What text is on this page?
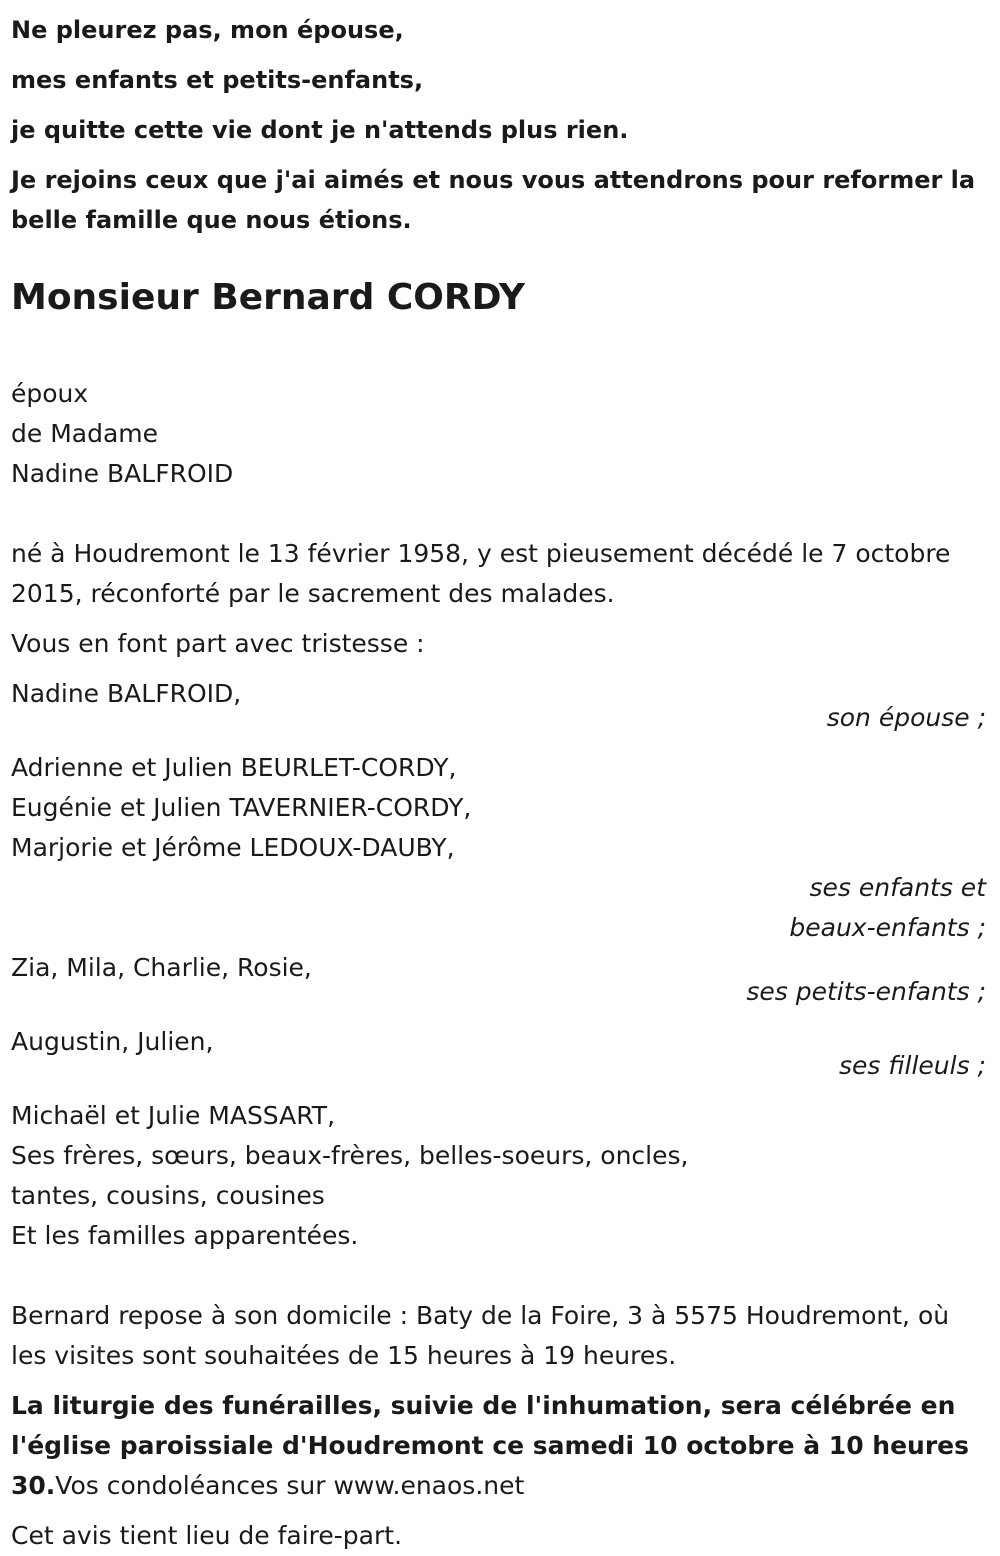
Ne pleurez pas, mon épouse,
mes enfants et petits-enfants,
je quitte cette vie dont je n'attends plus rien.
Je rejoins ceux que j'ai aimés et nous vous attendrons pour reformer la belle famille que nous étions.
Monsieur Bernard CORDY
époux
de Madame
Nadine BALFROID
né à Houdremont le 13 février 1958, y est pieusement décédé le 7 octobre 2015, réconforté par le sacrement des malades.
Vous en font part avec tristesse :
Nadine BALFROID,
son épouse ;
Adrienne et Julien BEURLET-CORDY,
Eugénie et Julien TAVERNIER-CORDY,
Marjorie et Jérôme LEDOUX-DAUBY,
ses enfants et
beaux-enfants ;
Zia, Mila, Charlie, Rosie,
ses petits-enfants ;
Augustin, Julien,
ses filleuls ;
Michaël et Julie MASSART,
Ses frères, sœurs, beaux-frères, belles-soeurs, oncles,
tantes, cousins, cousines
Et les familles apparentées.
Bernard repose à son domicile : Baty de la Foire, 3 à 5575 Houdremont, où les visites sont souhaitées de 15 heures à 19 heures.
La liturgie des funérailles, suivie de l'inhumation, sera célébrée en l'église paroissiale d'Houdremont ce samedi 10 octobre à 10 heures 30.Vos condoléances sur www.enaos.net
Cet avis tient lieu de faire-part.
